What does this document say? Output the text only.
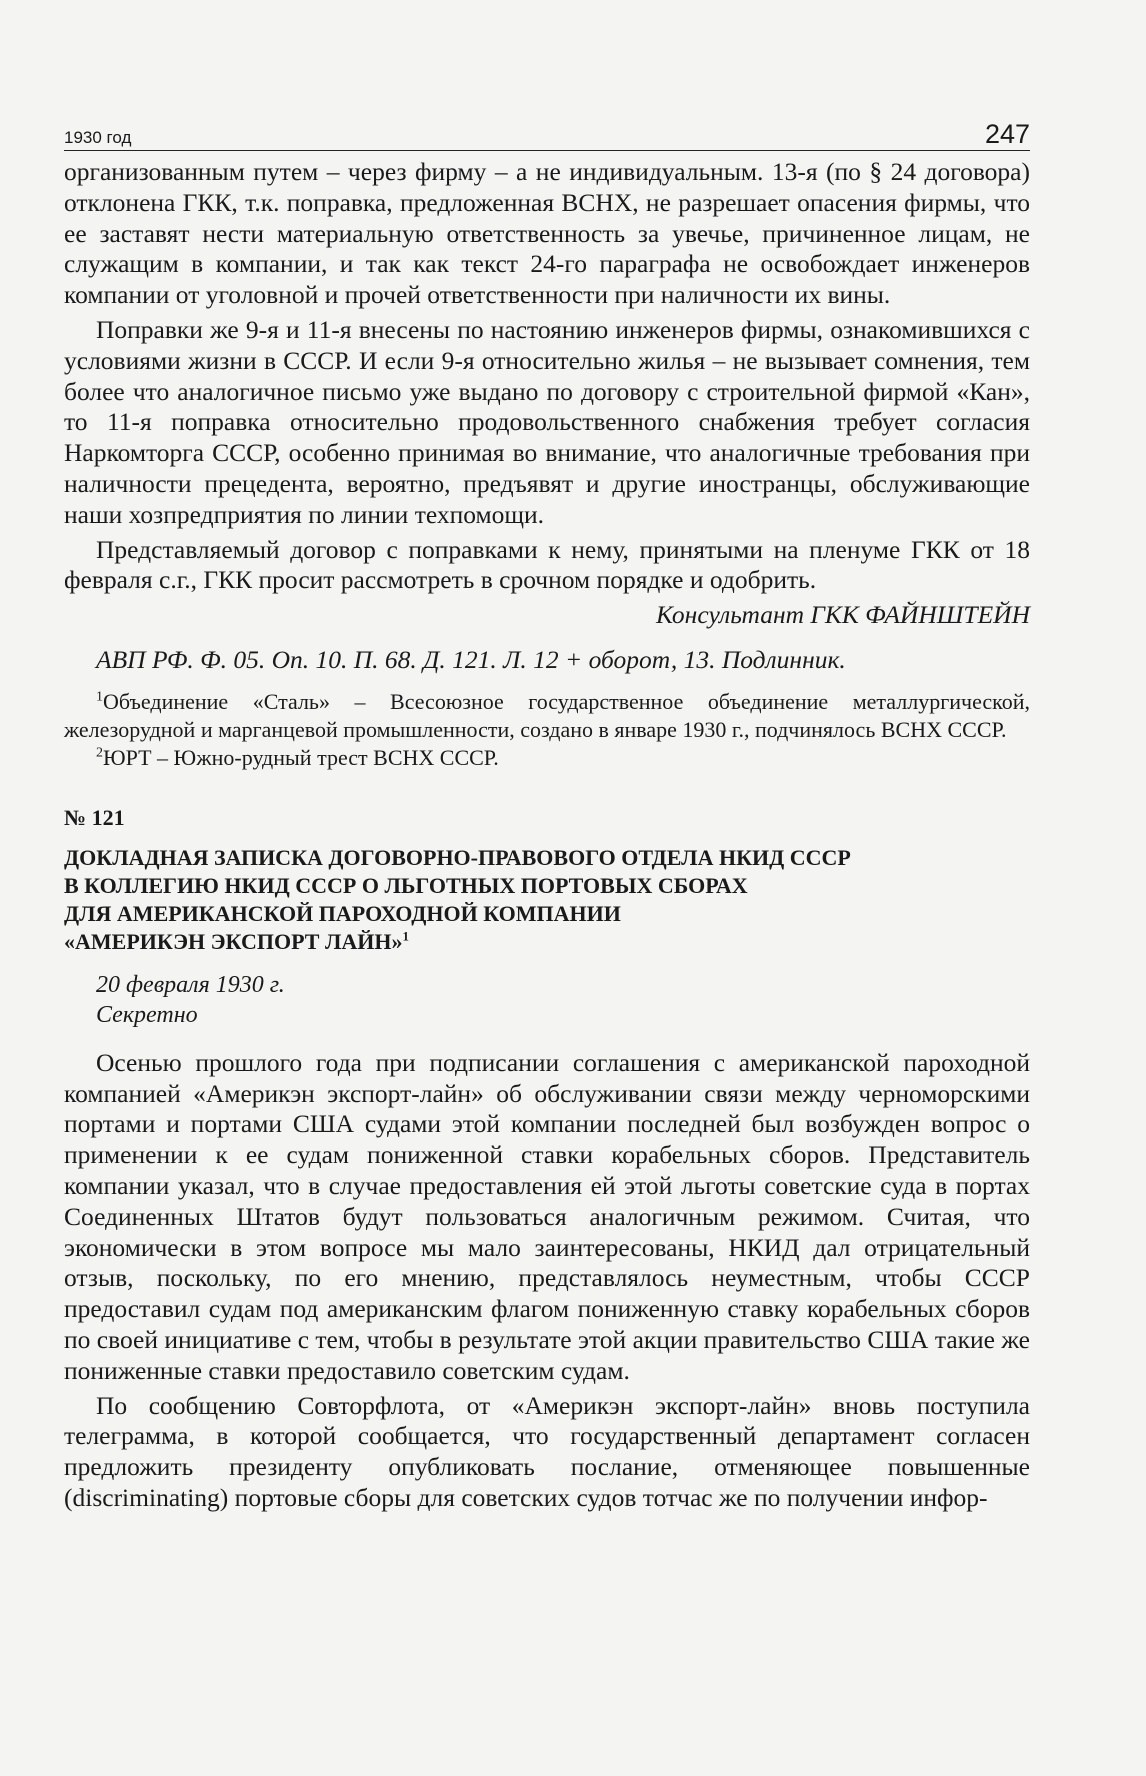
1930 год	247

организованным путем – через фирму – а не индивидуальным. 13-я (по § 24 договора) отклонена ГКК, т.к. поправка, предложенная ВСНХ, не разрешает опасения фирмы, что ее заставят нести материальную ответственность за увечье, причиненное лицам, не служащим в компании, и так как текст 24-го параграфа не освобождает инженеров компании от уголовной и прочей ответственности при наличности их вины.

Поправки же 9-я и 11-я внесены по настоянию инженеров фирмы, ознакомившихся с условиями жизни в СССР. И если 9-я относительно жилья – не вызывает сомнения, тем более что аналогичное письмо уже выдано по договору с строительной фирмой «Кан», то 11-я поправка относительно продовольственного снабжения требует согласия Наркомторга СССР, особенно принимая во внимание, что аналогичные требования при наличности прецедента, вероятно, предъявят и другие иностранцы, обслуживающие наши хозпредприятия по линии техпомощи.

Представляемый договор с поправками к нему, принятыми на пленуме ГКК от 18 февраля с.г., ГКК просит рассмотреть в срочном порядке и одобрить.

Консультант ГКК ФАЙНШТЕЙН
АВП РФ. Ф. 05. Оп. 10. П. 68. Д. 121. Л. 12 + оборот, 13. Подлинник.

$^1$Объединение «Сталь» – Всесоюзное государственное объединение металлургической, железорудной и марганцевой промышленности, создано в январе 1930 г., подчинялось ВСНХ СССР.

$^2$ЮРТ – Южно-рудный трест ВСНХ СССР.

№ 121
ДОКЛАДНАЯ ЗАПИСКА ДОГОВОРНО-ПРАВОВОГО ОТДЕЛА НКИД СССР
В КОЛЛЕГИЮ НКИД СССР О ЛЬГОТНЫХ ПОРТОВЫХ СБОРАХ
ДЛЯ АМЕРИКАНСКОЙ ПАРОХОДНОЙ КОМПАНИИ
«АМЕРИКЭН ЭКСПОРТ ЛАЙН»$^1$
20 февраля 1930 г.
Секретно

Осенью прошлого года при подписании соглашения с американской пароходной компанией «Америкэн экспорт-лайн» об обслуживании связи между черноморскими портами и портами США судами этой компании последней был возбужден вопрос о применении к ее судам пониженной ставки корабельных сборов. Представитель компании указал, что в случае предоставления ей этой льготы советские суда в портах Соединенных Штатов будут пользоваться аналогичным режимом. Считая, что экономически в этом вопросе мы мало заинтересованы, НКИД дал отрицательный отзыв, поскольку, по его мнению, представлялось неуместным, чтобы СССР предоставил судам под американским флагом пониженную ставку корабельных сборов по своей инициативе с тем, чтобы в результате этой акции правительство США такие же пониженные ставки предоставило советским судам.

По сообщению Совторфлота, от «Америкэн экспорт-лайн» вновь поступила телеграмма, в которой сообщается, что государственный департамент согласен предложить президенту опубликовать послание, отменяющее повышенные (discriminating) портовые сборы для советских судов тотчас же по получении инфор-
